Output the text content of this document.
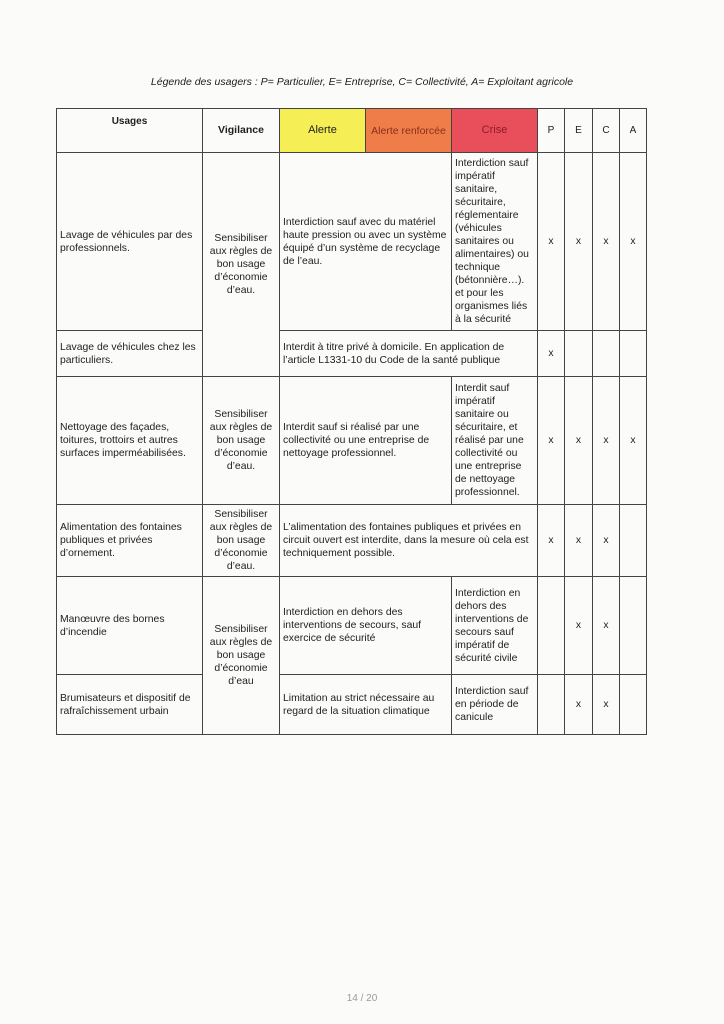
Légende des usagers : P= Particulier, E= Entreprise, C= Collectivité, A= Exploitant agricole
Usages	Vigilance	Alerte	Alerte renforcée	Crise	P	E	C	A
Lavage de véhicules par des professionnels.	Sensibiliser aux règles de bon usage d’économie d’eau.	Interdiction sauf avec du matériel haute pression ou avec un système équipé d’un système de recyclage de l’eau.		Interdiction sauf impératif sanitaire, sécuritaire, réglementaire (véhicules sanitaires ou alimentaires) ou technique (bétonnière…). et pour les organismes liés à la sécurité	x	x	x	x
Lavage de véhicules chez les particuliers.		Interdit à titre privé à domicile. En application de l’article L1331-10 du Code de la santé publique			x			
Nettoyage des façades, toitures, trottoirs et autres surfaces imperméabilisées.	Sensibiliser aux règles de bon usage d’économie d’eau.	Interdit sauf si réalisé par une collectivité ou une entreprise de nettoyage professionnel.		Interdit sauf impératif sanitaire ou sécuritaire, et réalisé par une collectivité ou une entreprise de nettoyage professionnel.	x	x	x	x
Alimentation des fontaines publiques et privées d’ornement.	Sensibiliser aux règles de bon usage d’économie d’eau.	L’alimentation des fontaines publiques et privées en circuit ouvert est interdite, dans la mesure où cela est techniquement possible.			x	x	x	
Manœuvre des bornes d’incendie	Sensibiliser aux règles de bon usage d’économie d’eau	Interdiction en dehors des interventions de secours, sauf exercice de sécurité		Interdiction en dehors des interventions de secours sauf impératif de sécurité civile		x	x	
Brumisateurs et dispositif de rafraîchissement urbain		Limitation au strict nécessaire au regard de la situation climatique		Interdiction sauf en période de canicule		x	x	
14 / 20
